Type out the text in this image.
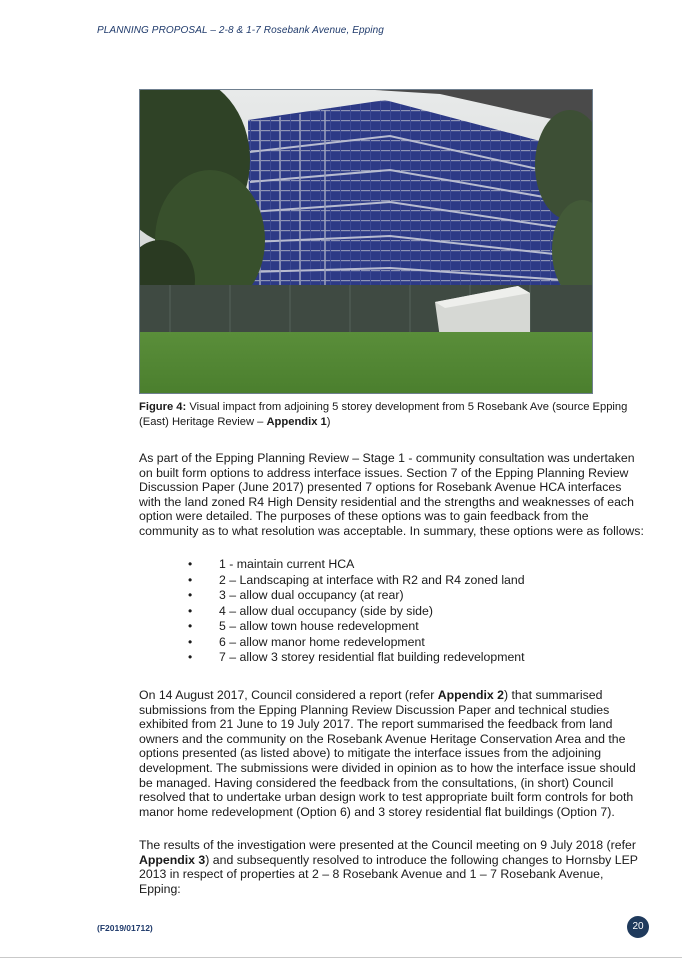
PLANNING PROPOSAL – 2-8 & 1-7 Rosebank Avenue, Epping
Figure 4: Visual impact from adjoining 5 storey development from 5 Rosebank Ave (source Epping (East) Heritage Review – Appendix 1)

As part of the Epping Planning Review – Stage 1 - community consultation was undertaken on built form options to address interface issues. Section 7 of the Epping Planning Review Discussion Paper (June 2017) presented 7 options for Rosebank Avenue HCA interfaces with the land zoned R4 High Density residential and the strengths and weaknesses of each option were detailed. The purposes of these options was to gain feedback from the community as to what resolution was acceptable. In summary, these options were as follows:

• 1 - maintain current HCA
• 2 – Landscaping at interface with R2 and R4 zoned land
• 3 – allow dual occupancy (at rear)
• 4 – allow dual occupancy (side by side)
• 5 – allow town house redevelopment
• 6 – allow manor home redevelopment
• 7 – allow 3 storey residential flat building redevelopment

On 14 August 2017, Council considered a report (refer Appendix 2) that summarised submissions from the Epping Planning Review Discussion Paper and technical studies exhibited from 21 June to 19 July 2017. The report summarised the feedback from land owners and the community on the Rosebank Avenue Heritage Conservation Area and the options presented (as listed above) to mitigate the interface issues from the adjoining development. The submissions were divided in opinion as to how the interface issue should be managed. Having considered the feedback from the consultations, (in short) Council resolved that to undertake urban design work to test appropriate built form controls for both manor home redevelopment (Option 6) and 3 storey residential flat buildings (Option 7).

The results of the investigation were presented at the Council meeting on 9 July 2018 (refer Appendix 3) and subsequently resolved to introduce the following changes to Hornsby LEP 2013 in respect of properties at 2 – 8 Rosebank Avenue and 1 – 7 Rosebank Avenue, Epping:

(F2019/01712)	20
